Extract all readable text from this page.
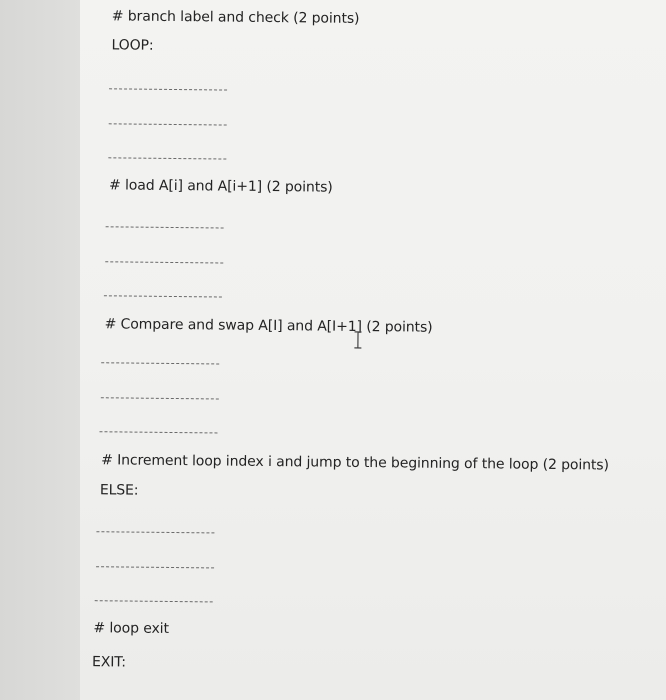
# branch label and check (2 points)
LOOP:
# load A[i] and A[i+1] (2 points)
# Compare and swap A[I] and A[I+1] (2 points)
# Increment loop index i and jump to the beginning of the loop (2 points)
ELSE:
# loop exit
EXIT:
